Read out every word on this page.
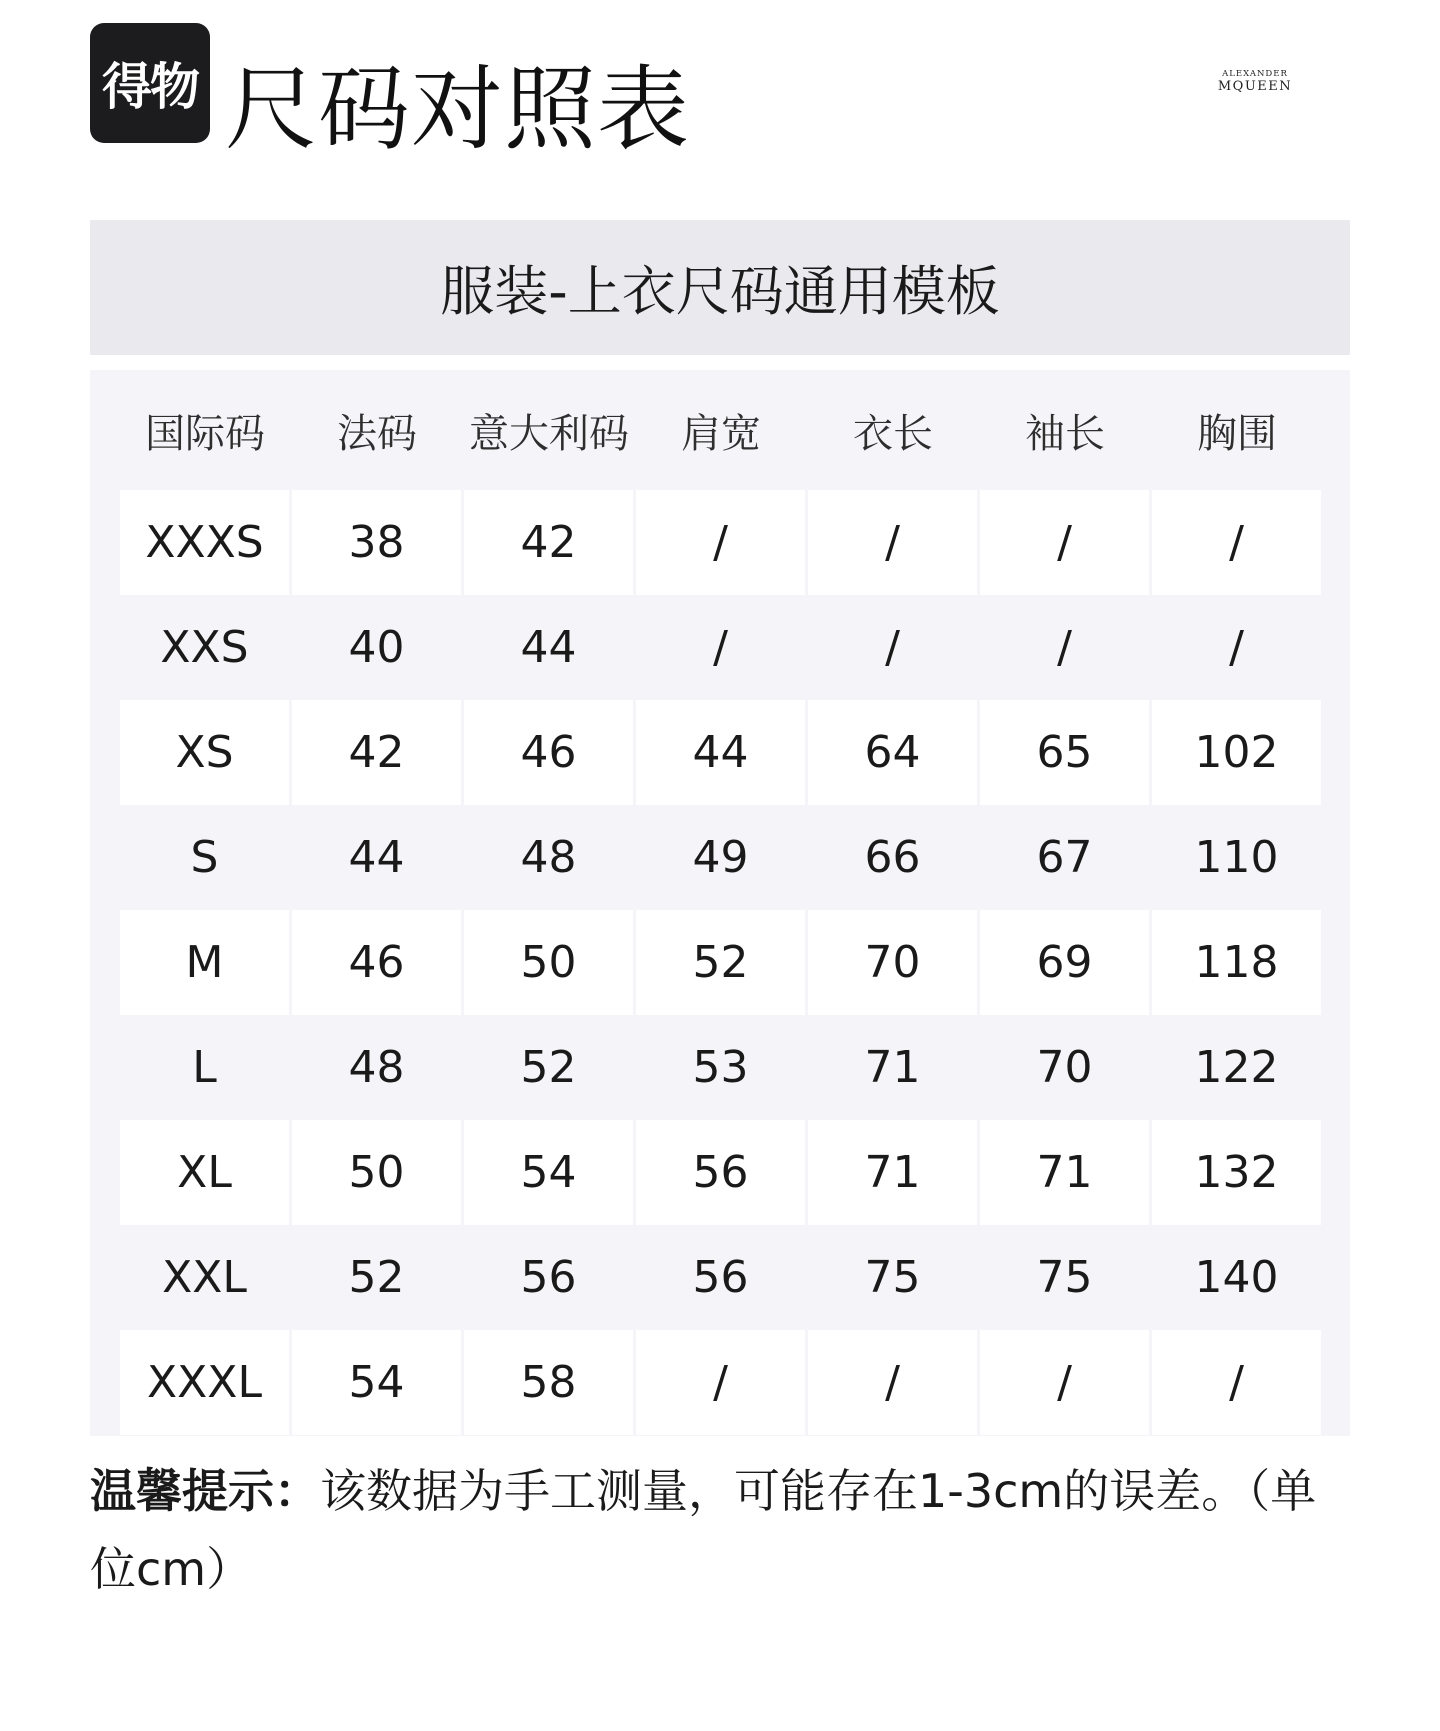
得物 尺码对照表	ALEXANDER
MQUEEN
服装-上衣尺码通用模板
国际码	法码	意大利码	肩宽	衣长	袖长	胸围
XXXS	38	42	/	/	/	/
XXS	40	44	/	/	/	/
XS	42	46	44	64	65	102
S	44	48	49	66	67	110
M	46	50	52	70	69	118
L	48	52	53	71	70	122
XL	50	54	56	71	71	132
XXL	52	56	56	75	75	140
XXXL	54	58	/	/	/	/
温馨提示：该数据为手工测量，可能存在1-3cm的误差。（单位cm）
